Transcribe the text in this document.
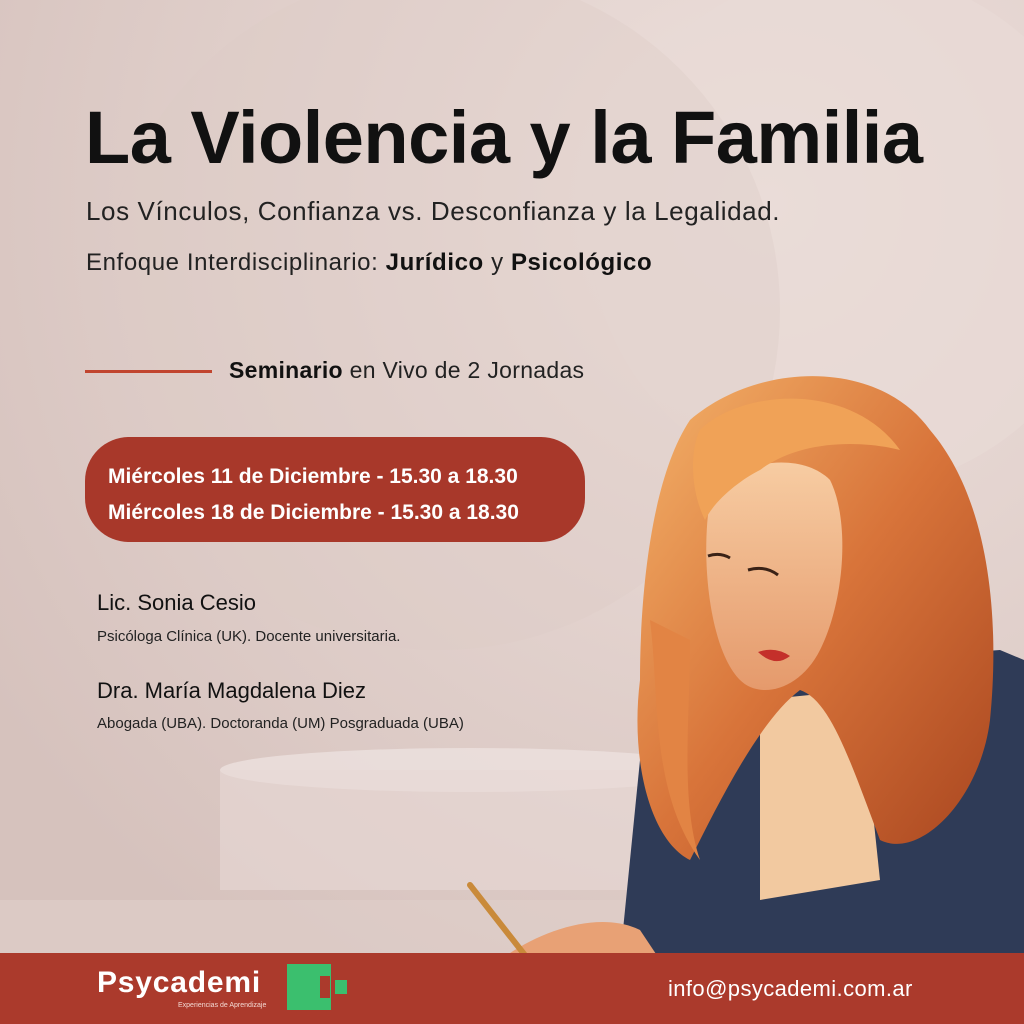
La Violencia y la Familia
Los Vínculos, Confianza vs. Desconfianza y la Legalidad.
Enfoque Interdisciplinario: Jurídico y Psicológico
Seminario en Vivo de 2 Jornadas
Miércoles 11 de Diciembre - 15.30 a 18.30
Miércoles 18 de Diciembre - 15.30 a 18.30
Lic. Sonia Cesio
Psicóloga Clínica (UK). Docente universitaria.
Dra. María Magdalena Diez
Abogada (UBA). Doctoranda (UM) Posgraduada (UBA)
Psycademi
Experiencias de Aprendizaje
info@psycademi.com.ar
